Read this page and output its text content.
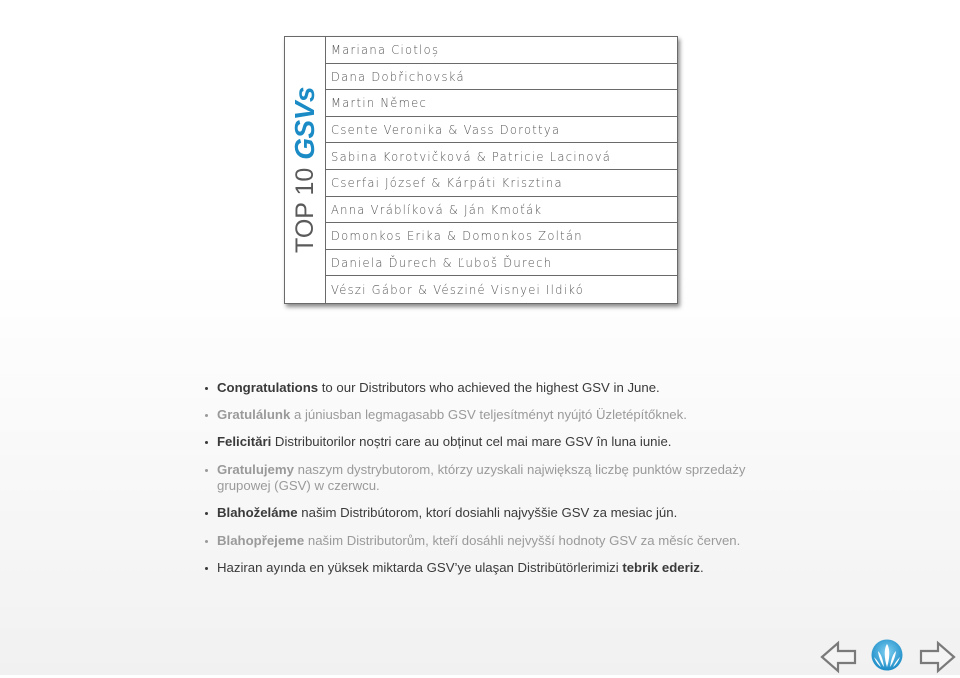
TOP 10
GSVs
Mariana Ciotloș
Dana Dobřichovská
Martin Němec
Csente Veronika & Vass Dorottya
Sabina Korotvičková & Patricie Lacinová
Cserfai József & Kárpáti Krisztina
Anna Vráblíková & Ján Kmoťák
Domonkos Erika & Domonkos Zoltán
Daniela Ďurech & Ľuboš Ďurech
Vészi Gábor & Vésziné Visnyei Ildikó
Congratulations to our Distributors who achieved the highest GSV in June.
Gratulálunk a júniusban legmagasabb GSV teljesítményt nyújtó Üzletépítőknek.
Felicitări Distribuitorilor noștri care au obținut cel mai mare GSV în luna iunie.
Gratulujemy naszym dystrybutorom, którzy uzyskali największą liczbę punktów sprzedaży grupowej (GSV) w czerwcu.
Blahoželáme našim Distribútorom, ktorí dosiahli najvyššie GSV za mesiac jún.
Blahopřejeme našim Distributorům, kteří dosáhli nejvyšší hodnoty GSV za měsíc červen.
Haziran ayında en yüksek miktarda GSV’ye ulaşan Distribütörlerimizi tebrik ederiz.
